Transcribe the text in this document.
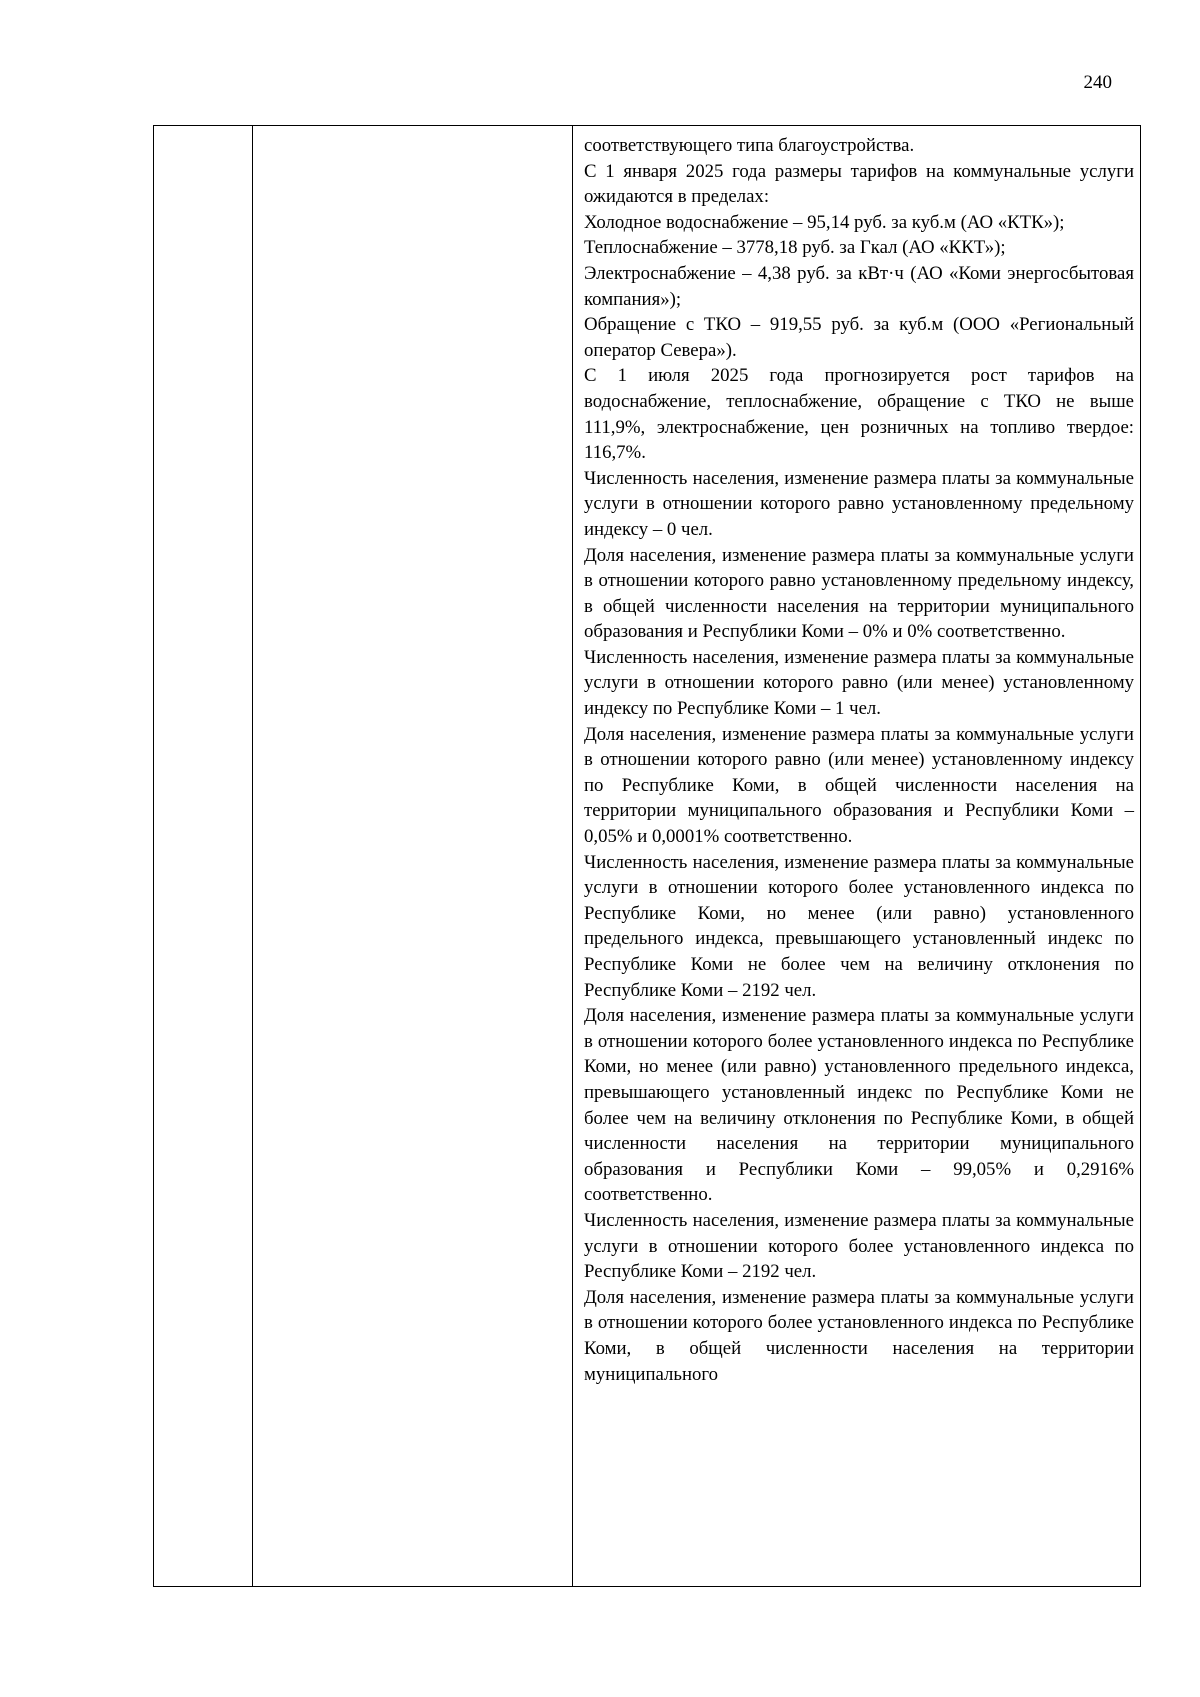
240

соответствующего типа благоустройства.

С 1 января 2025 года размеры тарифов на коммунальные услуги ожидаются в пределах:

Холодное водоснабжение – 95,14 руб. за куб.м (АО «КТК»);

Теплоснабжение – 3778,18 руб. за Гкал (АО «ККТ»);

Электроснабжение – 4,38 руб. за кВт·ч (АО «Коми энергосбытовая компания»);

Обращение с ТКО – 919,55 руб. за куб.м (ООО «Региональный оператор Севера»).

С 1 июля 2025 года прогнозируется рост тарифов на водоснабжение, теплоснабжение, обращение с ТКО не выше 111,9%, электроснабжение, цен розничных на топливо твердое: 116,7%.

Численность населения, изменение размера платы за коммунальные услуги в отношении которого равно установленному предельному индексу – 0 чел.

Доля населения, изменение размера платы за коммунальные услуги в отношении которого равно установленному предельному индексу, в общей численности населения на территории муниципального образования и Республики Коми – 0% и 0% соответственно.

Численность населения, изменение размера платы за коммунальные услуги в отношении которого равно (или менее) установленному индексу по Республике Коми – 1 чел.

Доля населения, изменение размера платы за коммунальные услуги в отношении которого равно (или менее) установленному индексу по Республике Коми, в общей численности населения на территории муниципального образования и Республики Коми – 0,05% и 0,0001% соответственно.

Численность населения, изменение размера платы за коммунальные услуги в отношении которого более установленного индекса по Республике Коми, но менее (или равно) установленного предельного индекса, превышающего установленный индекс по Республике Коми не более чем на величину отклонения по Республике Коми – 2192 чел.

Доля населения, изменение размера платы за коммунальные услуги в отношении которого более установленного индекса по Республике Коми, но менее (или равно) установленного предельного индекса, превышающего установленный индекс по Республике Коми не более чем на величину отклонения по Республике Коми, в общей численности населения на территории муниципального образования и Республики Коми – 99,05% и 0,2916% соответственно.

Численность населения, изменение размера платы за коммунальные услуги в отношении которого более установленного индекса по Республике Коми – 2192 чел.

Доля населения, изменение размера платы за коммунальные услуги в отношении которого более установленного индекса по Республике Коми, в общей численности населения на территории муниципального
